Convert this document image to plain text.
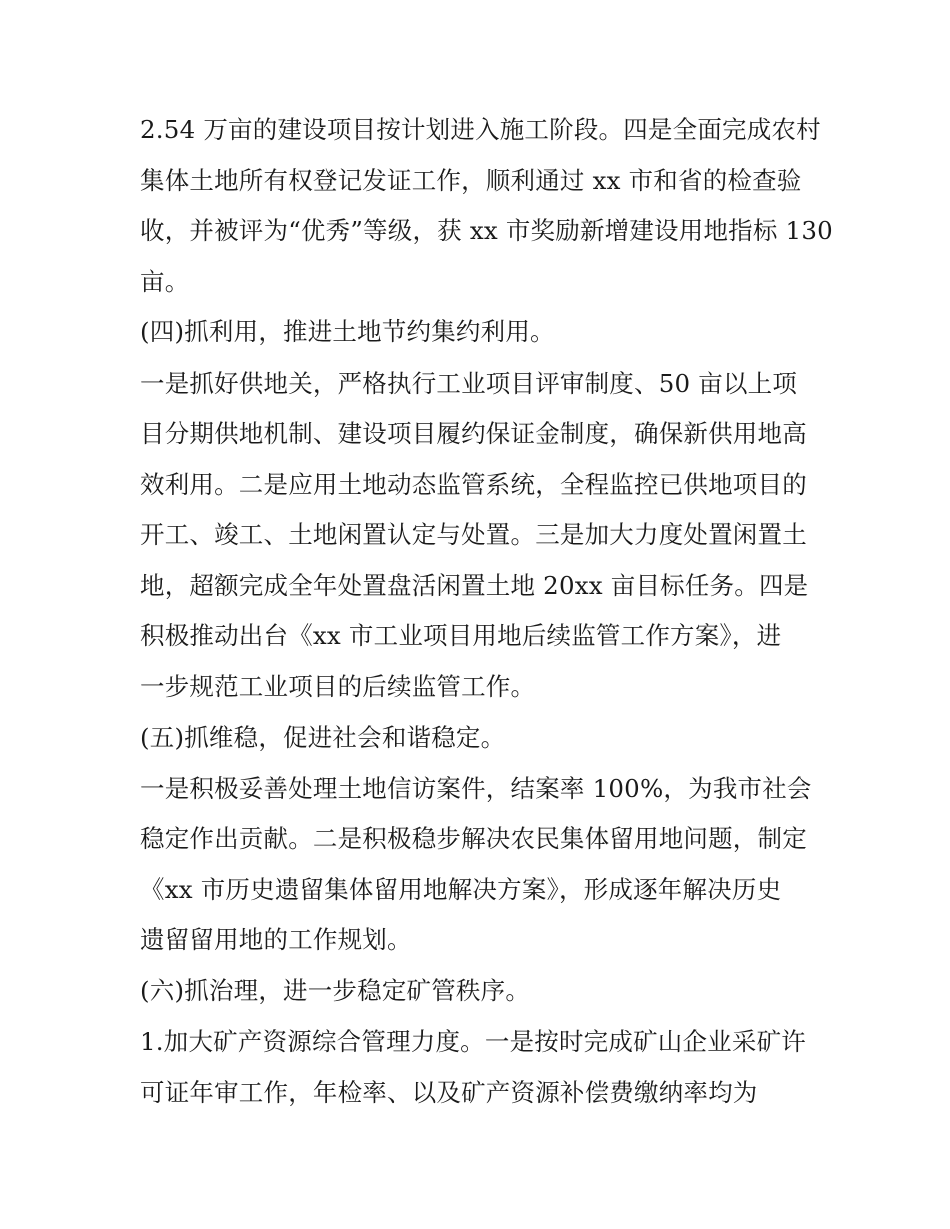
2.54 万亩的建设项目按计划进入施工阶段。四是全面完成农村
集体土地所有权登记发证工作，顺利通过 xx 市和省的检查验
收，并被评为“优秀”等级，获 xx 市奖励新增建设用地指标 130
亩。
(四)抓利用，推进土地节约集约利用。
一是抓好供地关，严格执行工业项目评审制度、50 亩以上项
目分期供地机制、建设项目履约保证金制度，确保新供用地高
效利用。二是应用土地动态监管系统，全程监控已供地项目的
开工、竣工、土地闲置认定与处置。三是加大力度处置闲置土
地，超额完成全年处置盘活闲置土地 20xx 亩目标任务。四是
积极推动出台《xx 市工业项目用地后续监管工作方案》，进
一步规范工业项目的后续监管工作。
(五)抓维稳，促进社会和谐稳定。
一是积极妥善处理土地信访案件，结案率 100%，为我市社会
稳定作出贡献。二是积极稳步解决农民集体留用地问题，制定
《xx 市历史遗留集体留用地解决方案》，形成逐年解决历史
遗留留用地的工作规划。
(六)抓治理，进一步稳定矿管秩序。
1.加大矿产资源综合管理力度。一是按时完成矿山企业采矿许
可证年审工作，年检率、以及矿产资源补偿费缴纳率均为
